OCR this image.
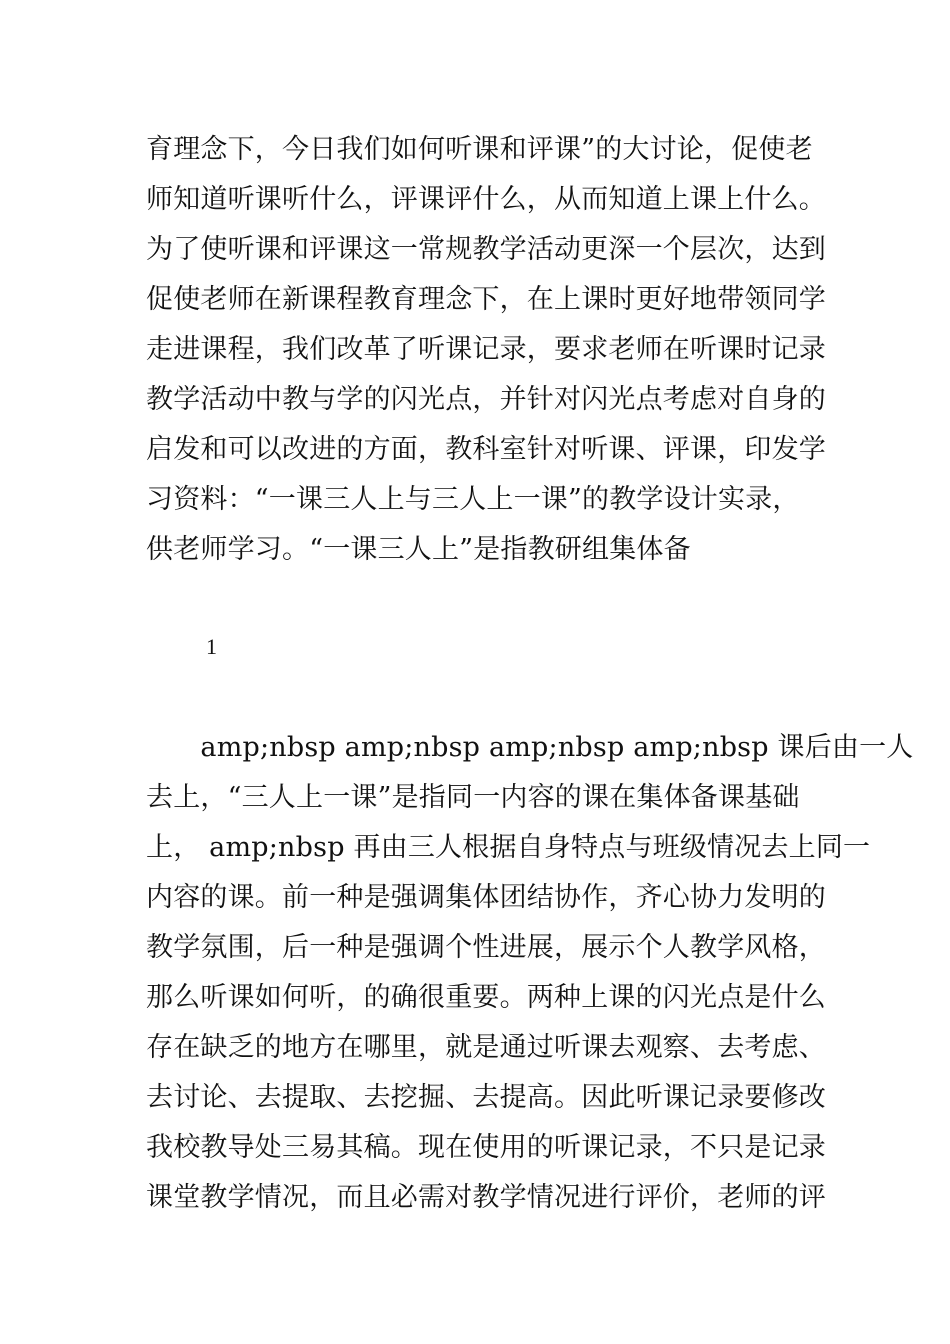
育理念下，今日我们如何听课和评课”的大讨论，促使老
师知道听课听什么，评课评什么，从而知道上课上什么。
为了使听课和评课这一常规教学活动更深一个层次，达到
促使老师在新课程教育理念下，在上课时更好地带领同学
走进课程，我们改革了听课记录，要求老师在听课时记录
教学活动中教与学的闪光点，并针对闪光点考虑对自身的
启发和可以改进的方面，教科室针对听课、评课，印发学
习资料：“一课三人上与三人上一课”的教学设计实录，
供老师学习。“一课三人上”是指教研组集体备
1
　　amp;nbsp amp;nbsp amp;nbsp amp;nbsp 课后由一人
去上，“三人上一课”是指同一内容的课在集体备课基础
上， amp;nbsp 再由三人根据自身特点与班级情况去上同一
内容的课。前一种是强调集体团结协作，齐心协力发明的
教学氛围，后一种是强调个性进展，展示个人教学风格，
那么听课如何听，的确很重要。两种上课的闪光点是什么
存在缺乏的地方在哪里，就是通过听课去观察、去考虑、
去讨论、去提取、去挖掘、去提高。因此听课记录要修改
我校教导处三易其稿。现在使用的听课记录，不只是记录
课堂教学情况，而且必需对教学情况进行评价，老师的评
